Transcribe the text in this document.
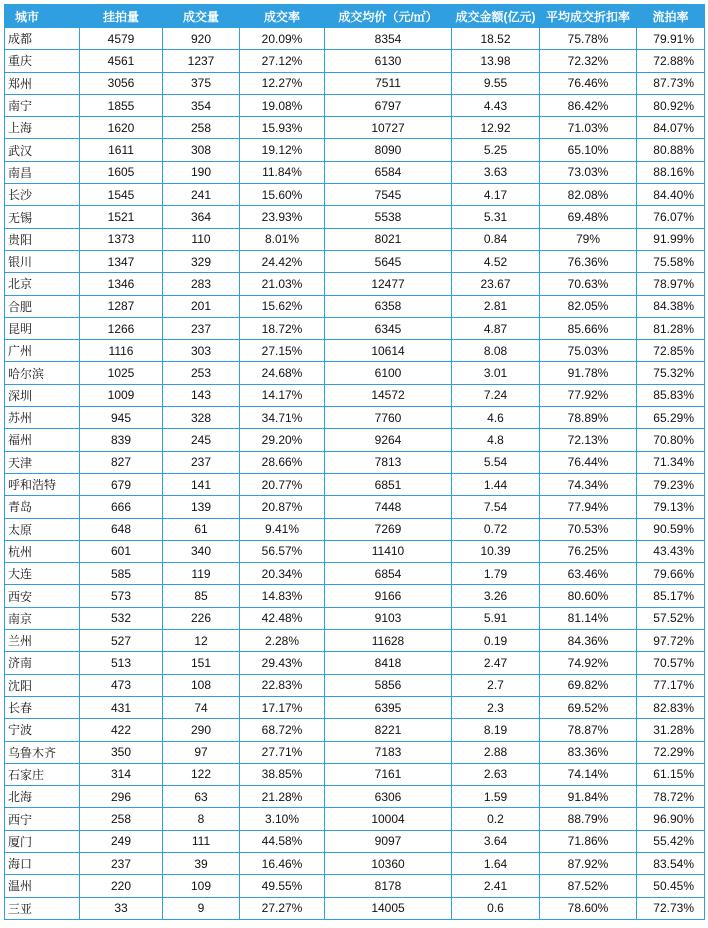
城市	挂拍量	成交量	成交率	成交均价（元/㎡）	成交金额(亿元)	平均成交折扣率	流拍率
成都	4579	920	20.09%	8354	18.52	75.78%	79.91%
重庆	4561	1237	27.12%	6130	13.98	72.32%	72.88%
郑州	3056	375	12.27%	7511	9.55	76.46%	87.73%
南宁	1855	354	19.08%	6797	4.43	86.42%	80.92%
上海	1620	258	15.93%	10727	12.92	71.03%	84.07%
武汉	1611	308	19.12%	8090	5.25	65.10%	80.88%
南昌	1605	190	11.84%	6584	3.63	73.03%	88.16%
长沙	1545	241	15.60%	7545	4.17	82.08%	84.40%
无锡	1521	364	23.93%	5538	5.31	69.48%	76.07%
贵阳	1373	110	8.01%	8021	0.84	79%	91.99%
银川	1347	329	24.42%	5645	4.52	76.36%	75.58%
北京	1346	283	21.03%	12477	23.67	70.63%	78.97%
合肥	1287	201	15.62%	6358	2.81	82.05%	84.38%
昆明	1266	237	18.72%	6345	4.87	85.66%	81.28%
广州	1116	303	27.15%	10614	8.08	75.03%	72.85%
哈尔滨	1025	253	24.68%	6100	3.01	91.78%	75.32%
深圳	1009	143	14.17%	14572	7.24	77.92%	85.83%
苏州	945	328	34.71%	7760	4.6	78.89%	65.29%
福州	839	245	29.20%	9264	4.8	72.13%	70.80%
天津	827	237	28.66%	7813	5.54	76.44%	71.34%
呼和浩特	679	141	20.77%	6851	1.44	74.34%	79.23%
青岛	666	139	20.87%	7448	7.54	77.94%	79.13%
太原	648	61	9.41%	7269	0.72	70.53%	90.59%
杭州	601	340	56.57%	11410	10.39	76.25%	43.43%
大连	585	119	20.34%	6854	1.79	63.46%	79.66%
西安	573	85	14.83%	9166	3.26	80.60%	85.17%
南京	532	226	42.48%	9103	5.91	81.14%	57.52%
兰州	527	12	2.28%	11628	0.19	84.36%	97.72%
济南	513	151	29.43%	8418	2.47	74.92%	70.57%
沈阳	473	108	22.83%	5856	2.7	69.82%	77.17%
长春	431	74	17.17%	6395	2.3	69.52%	82.83%
宁波	422	290	68.72%	8221	8.19	78.87%	31.28%
乌鲁木齐	350	97	27.71%	7183	2.88	83.36%	72.29%
石家庄	314	122	38.85%	7161	2.63	74.14%	61.15%
北海	296	63	21.28%	6306	1.59	91.84%	78.72%
西宁	258	8	3.10%	10004	0.2	88.79%	96.90%
厦门	249	111	44.58%	9097	3.64	71.86%	55.42%
海口	237	39	16.46%	10360	1.64	87.92%	83.54%
温州	220	109	49.55%	8178	2.41	87.52%	50.45%
三亚	33	9	27.27%	14005	0.6	78.60%	72.73%
